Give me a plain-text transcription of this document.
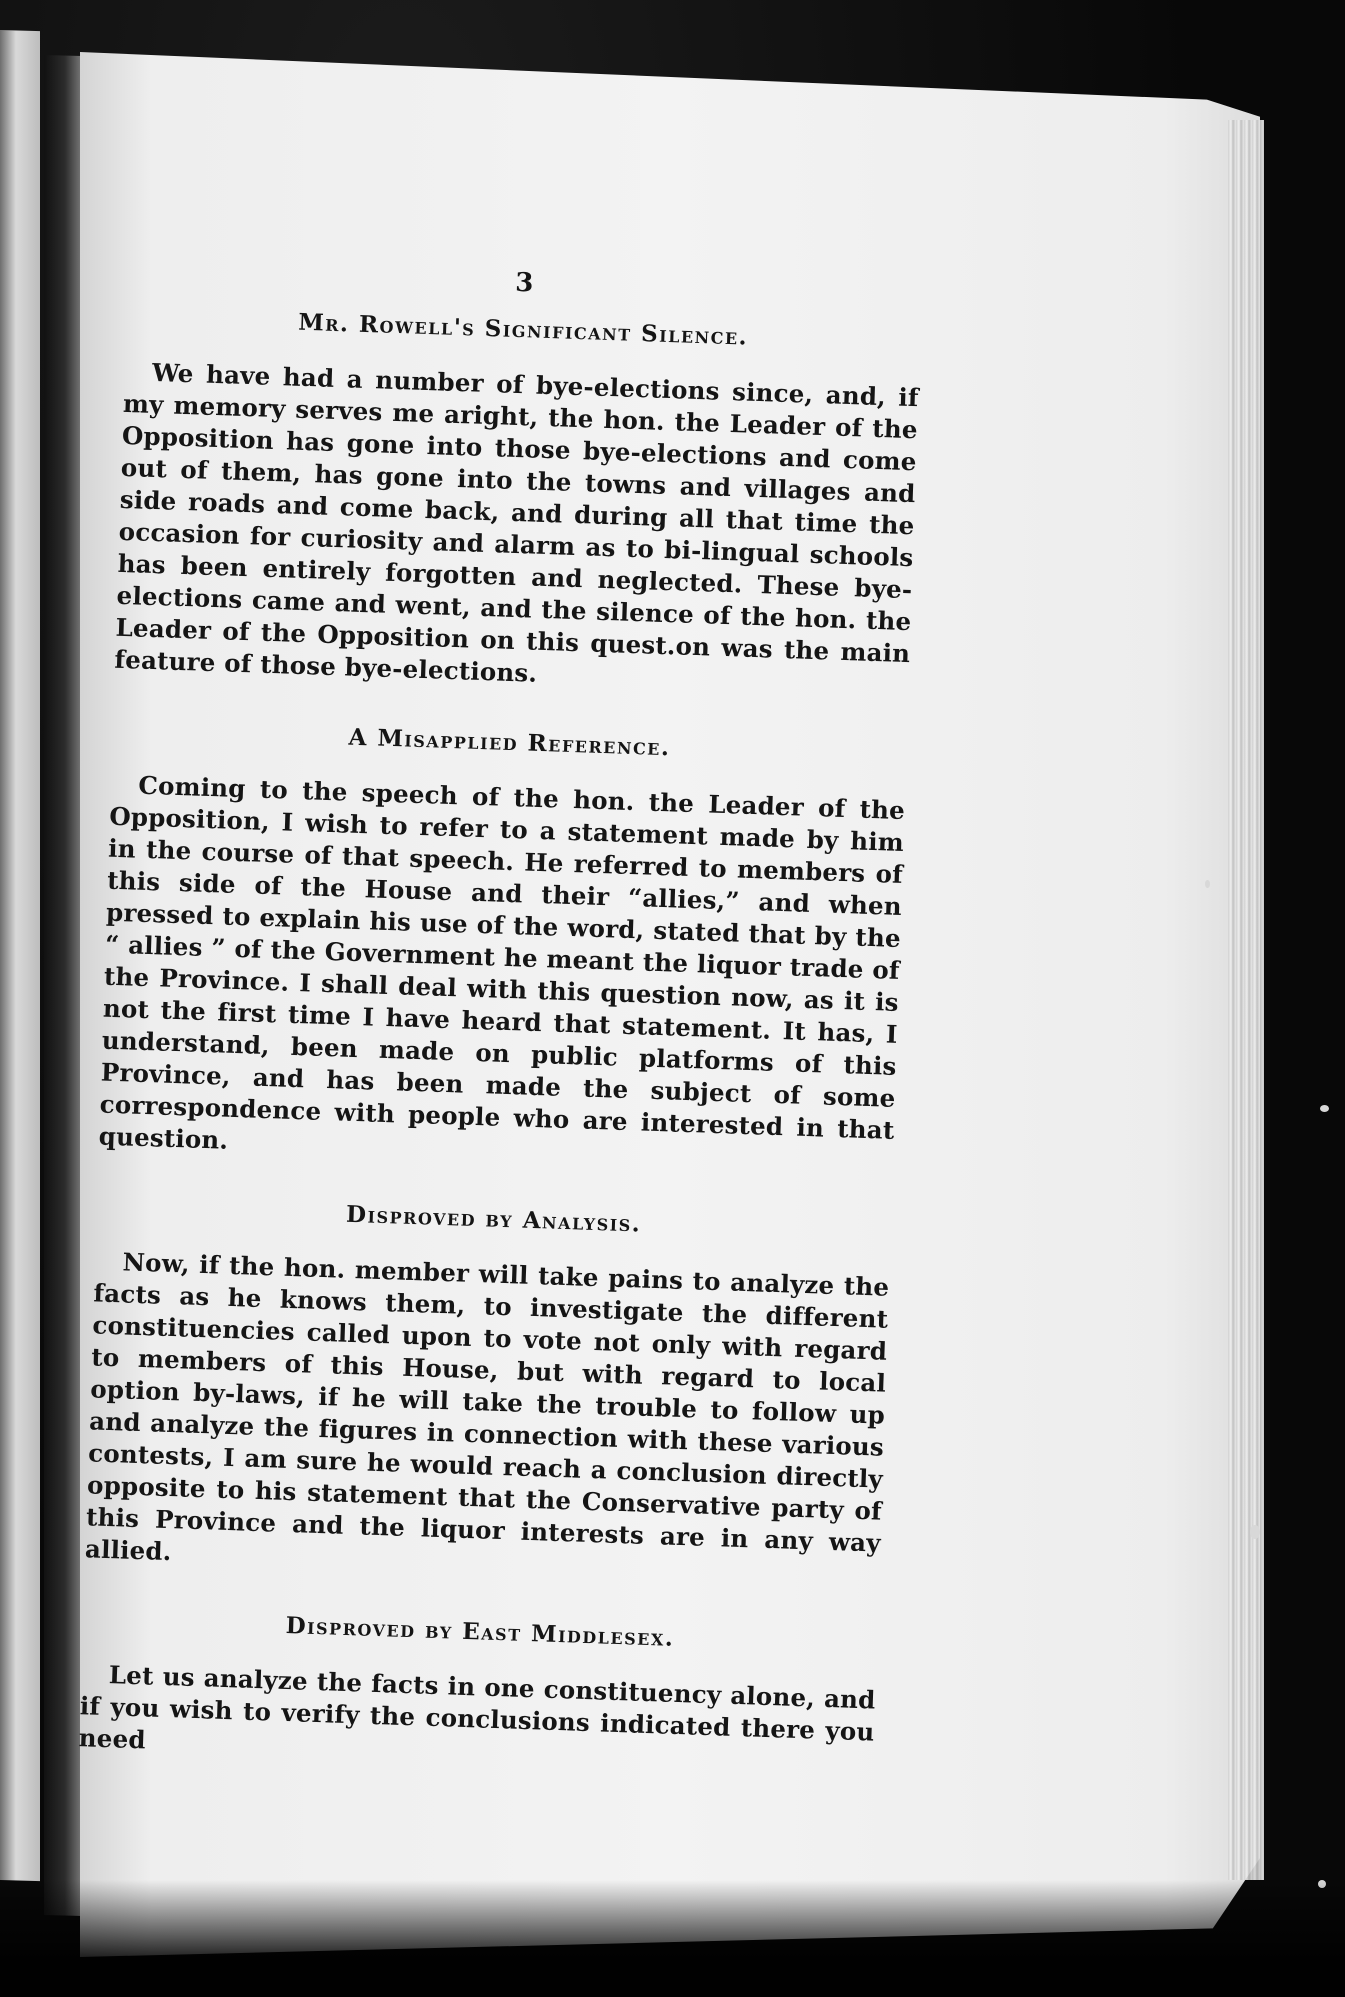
3
Mr. Rowell's Significant Silence.

We have had a number of bye-elections since, and, if my memory serves me aright, the hon. the Leader of the Opposition has gone into those bye-elections and come out of them, has gone into the towns and villages and side roads and come back, and during all that time the occasion for curiosity and alarm as to bi-lingual schools has been entirely forgotten and neglected. These bye-elections came and went, and the silence of the hon. the Leader of the Opposition on this quest.on was the main feature of those bye-elections.

A Misapplied Reference.

Coming to the speech of the hon. the Leader of the Opposition, I wish to refer to a statement made by him in the course of that speech. He referred to members of this side of the House and their “allies,” and when pressed to explain his use of the word, stated that by the “ allies ” of the Government he meant the liquor trade of the Province. I shall deal with this question now, as it is not the first time I have heard that statement. It has, I understand, been made on public platforms of this Province, and has been made the subject of some correspondence with people who are interested in that question.

Disproved by Analysis.

Now, if the hon. member will take pains to analyze the facts as he knows them, to investigate the different constituencies called upon to vote not only with regard to members of this House, but with regard to local option by-laws, if he will take the trouble to follow up and analyze the figures in connection with these various contests, I am sure he would reach a conclusion directly opposite to his statement that the Conservative party of this Province and the liquor interests are in any way allied.

Disproved by East Middlesex.

Let us analyze the facts in one constituency alone, and if you wish to verify the conclusions indicated there you need
